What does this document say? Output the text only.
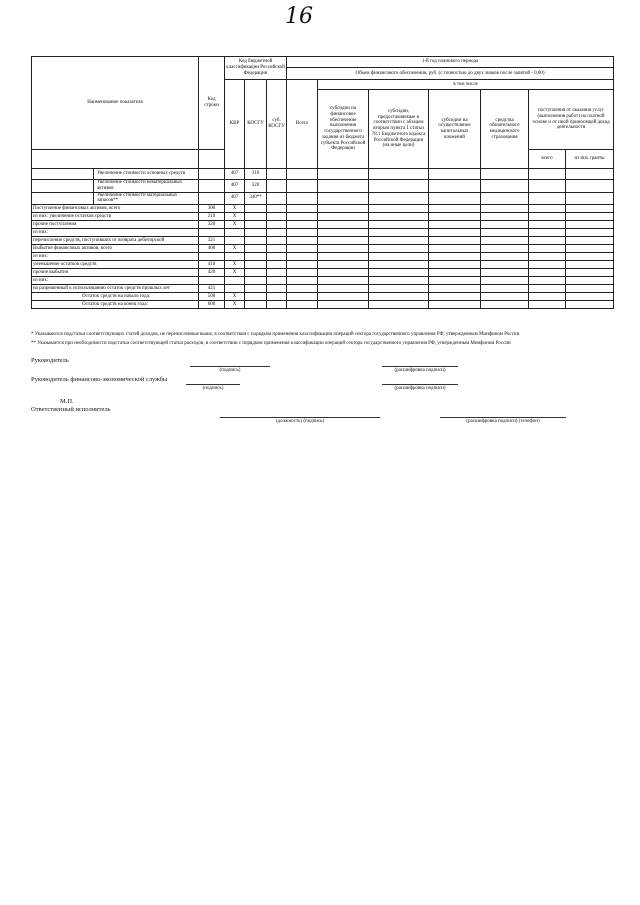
16
Наименование показателя		Код строки	Код бюджетной классификации Российской Федерации			1-й год планового периода						
						Объем финансового обеспечения, руб. (с точностью до двух знаков после запятой - 0,00)						
			КВР	КОСГУ	суб. КОСГУ	Всего	в том числе					
							субсидии на финансовое обеспечение выполнения государственного задания из бюджета субъекта Российской Федерации	субсидии, предоставляемые в соответствии с абзацем вторым пункта 1 статьи 78.1 Бюджетного кодекса Российской Федерации (на иные цели)	субсидии на осуществление капитальных вложений	средства обязательного медицинского страхования	поступления от оказания услуг (выполнения работ) на платной основе и от иной приносящей доход деятельности	
											всего	из них гранты
	Увеличение стоимости основных средств		407	310								
	Увеличение стоимости нематериальных активов		407	320								
	Увеличение стоимости материальных запасов**		407	340**								
Поступление финансовых активов, всего		300	X									
из них: увеличение остатков средств		310	X									
прочие поступления		320	X									
из них:												
перечисление средств, поступивших от возврата дебиторской		321										
Выбытие финансовых активов, всего		400	X									
из них:												
уменьшение остатков средств		410	X									
прочие выбытия		420	X									
из них:												
на разрешенный к использованию остаток средств прошлых лет		421										
Остаток средств на начало года:		500	X									
Остаток средств на конец года:		600	X									
* Указываются подстатьи соответствующих статей доходов, не перечисленные выше, в соответствии с порядком применения классификации операций сектора государственного управления РФ, утвержденным Минфином России
** Указывается при необходимости подстатьи соответствующей статьи расходов, в соответствии с порядком применения классификации операций сектора государственного управления РФ, утвержденным Минфином России
Руководитель
(подпись)	(расшифровка подписи)
Руководитель финансово-экономической службы
(подпись)	(расшифровка подписи)
М.П.
Ответственный исполнитель
(должность) (подпись)	(расшифровка подписи) (телефон)
